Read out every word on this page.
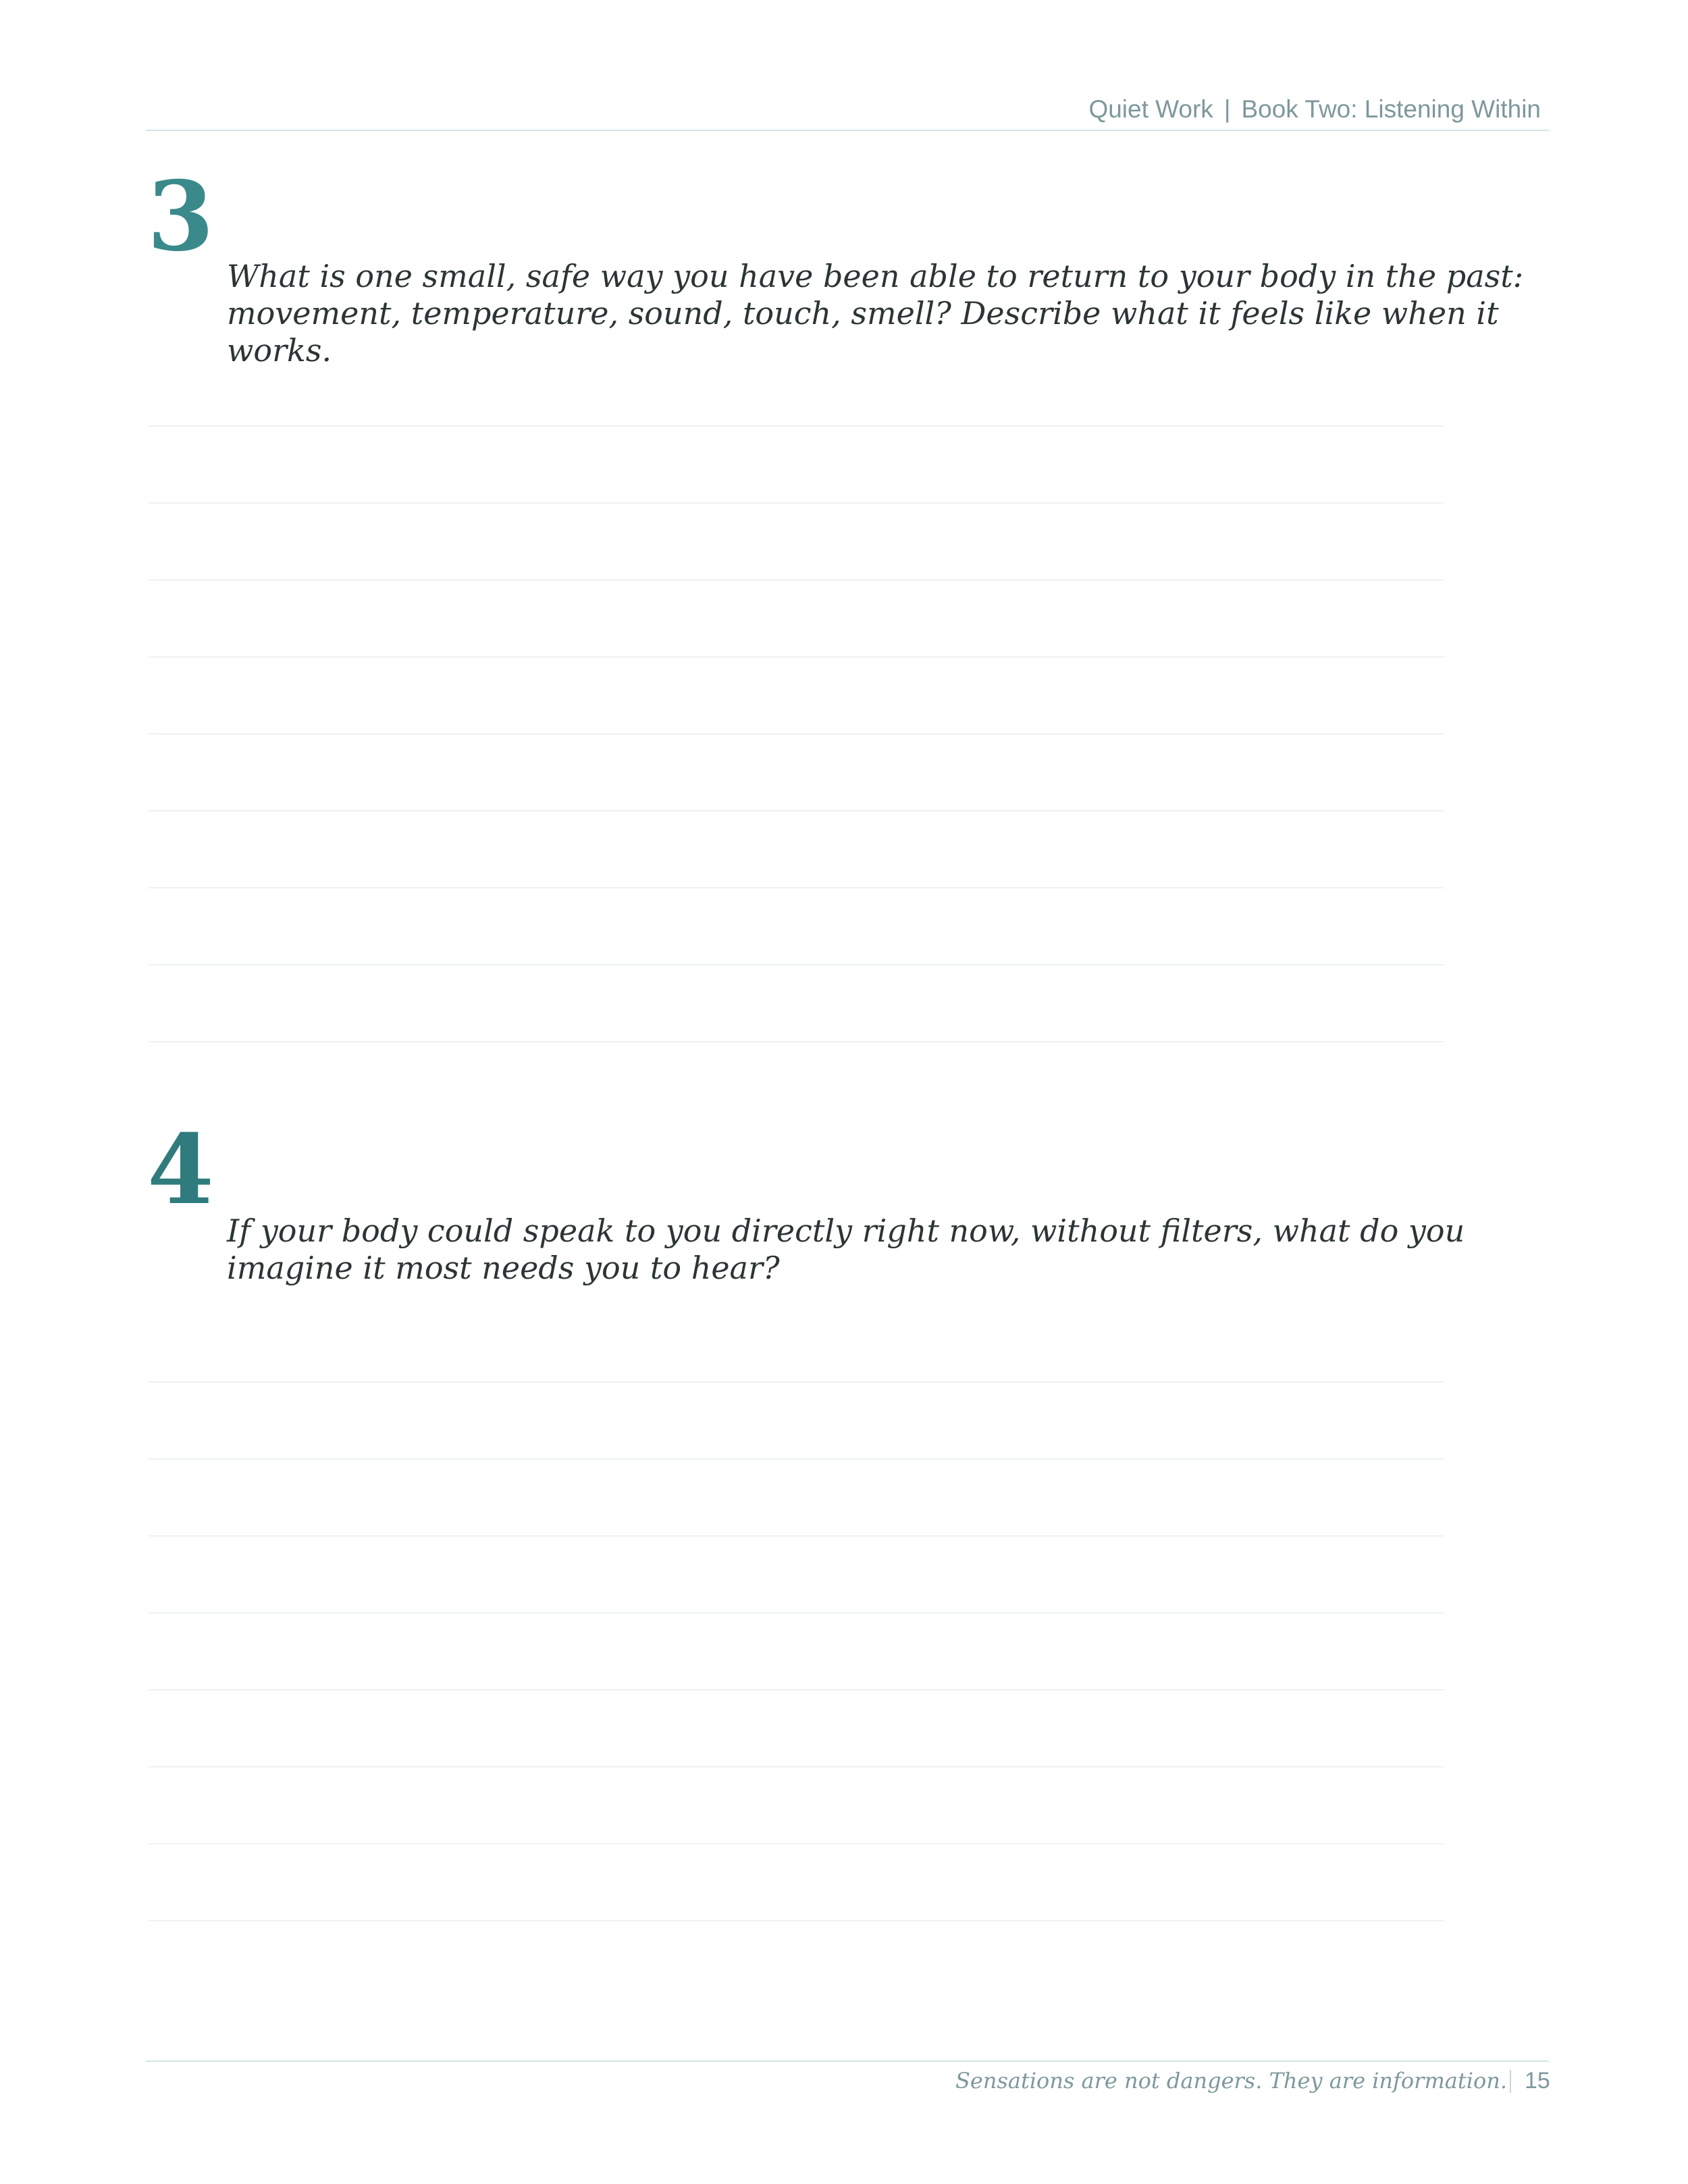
Quiet Work | Book Two: Listening Within
3
What is one small, safe way you have been able to return to your body in the past: movement, temperature, sound, touch, smell? Describe what it feels like when it works.
4
If your body could speak to you directly right now, without filters, what do you imagine it most needs you to hear?
Sensations are not dangers. They are information. 15
